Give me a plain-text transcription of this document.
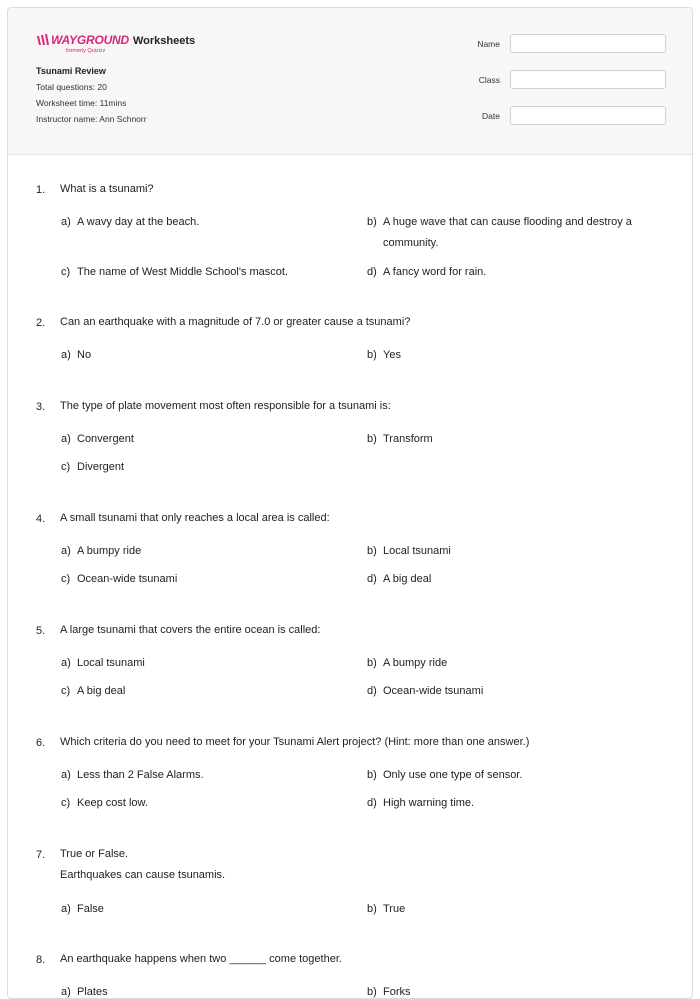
WAYGROUND
formerly Quizizz
Worksheets
Tsunami Review
Total questions: 20
Worksheet time: 11mins
Instructor name: Ann Schnorr
Name
Class
Date
1. What is a tsunami?
a) A wavy day at the beach.	b) A huge wave that can cause flooding and destroy a community.
c) The name of West Middle School's mascot.	d) A fancy word for rain.
2. Can an earthquake with a magnitude of 7.0 or greater cause a tsunami?
a) No	b) Yes
3. The type of plate movement most often responsible for a tsunami is:
a) Convergent	b) Transform
c) Divergent
4. A small tsunami that only reaches a local area is called:
a) A bumpy ride	b) Local tsunami
c) Ocean-wide tsunami	d) A big deal
5. A large tsunami that covers the entire ocean is called:
a) Local tsunami	b) A bumpy ride
c) A big deal	d) Ocean-wide tsunami
6. Which criteria do you need to meet for your Tsunami Alert project? (Hint: more than one answer.)
a) Less than 2 False Alarms.	b) Only use one type of sensor.
c) Keep cost low.	d) High warning time.
7. True or False.
Earthquakes can cause tsunamis.
a) False	b) True
8. An earthquake happens when two ______ come together.
a) Plates	b) Forks
